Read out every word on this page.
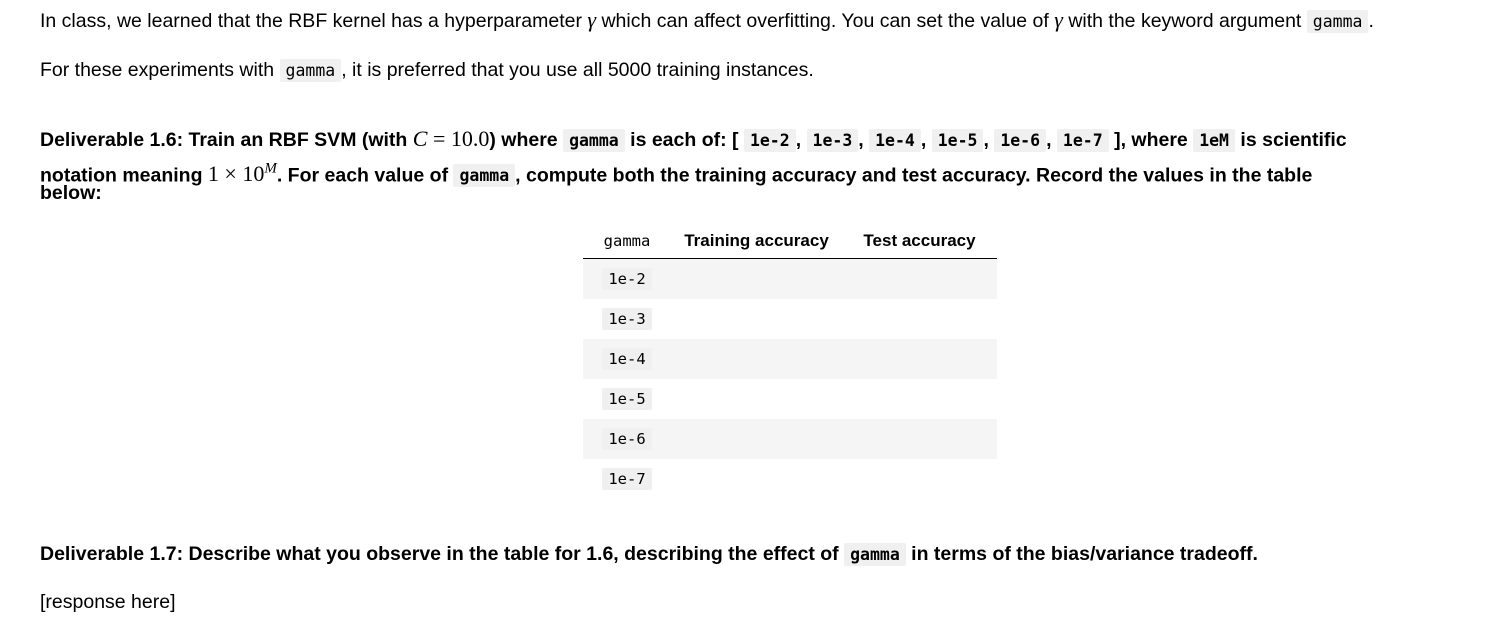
In class, we learned that the RBF kernel has a hyperparameter γ which can affect overfitting. You can set the value of γ with the keyword argument gamma .
For these experiments with gamma , it is preferred that you use all 5000 training instances.
Deliverable 1.6: Train an RBF SVM (with C = 10.0) where gamma is each of: [ 1e-2 , 1e-3 , 1e-4 , 1e-5 , 1e-6 , 1e-7 ], where 1eM is scientific
notation meaning $1 \times 10^M$. For each value of gamma , compute both the training accuracy and test accuracy. Record the values in the table
below:
gamma	Training accuracy	Test accuracy
1e-2		
1e-3		
1e-4		
1e-5		
1e-6		
1e-7		
Deliverable 1.7: Describe what you observe in the table for 1.6, describing the effect of gamma in terms of the bias/variance tradeoff.
[response here]
